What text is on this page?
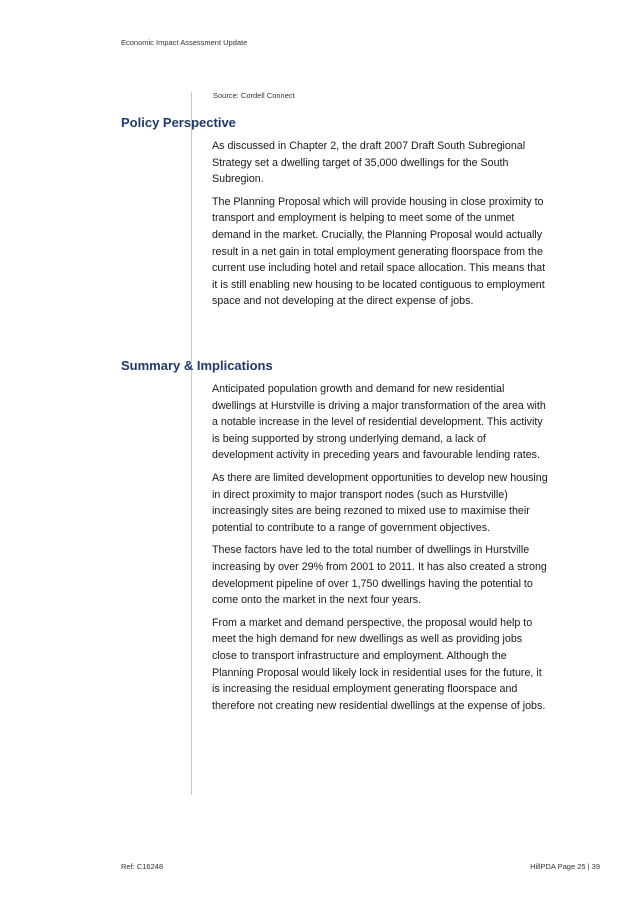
Economic Impact Assessment Update
Source: Cordell Connect
Policy Perspective

As discussed in Chapter 2, the draft 2007 Draft South Subregional Strategy set a dwelling target of 35,000 dwellings for the South Subregion.

The Planning Proposal which will provide housing in close proximity to transport and employment is helping to meet some of the unmet demand in the market. Crucially, the Planning Proposal would actually result in a net gain in total employment generating floorspace from the current use including hotel and retail space allocation. This means that it is still enabling new housing to be located contiguous to employment space and not developing at the direct expense of jobs.

Summary & Implications

Anticipated population growth and demand for new residential dwellings at Hurstville is driving a major transformation of the area with a notable increase in the level of residential development. This activity is being supported by strong underlying demand, a lack of development activity in preceding years and favourable lending rates.

As there are limited development opportunities to develop new housing in direct proximity to major transport nodes (such as Hurstville) increasingly sites are being rezoned to mixed use to maximise their potential to contribute to a range of government objectives.

These factors have led to the total number of dwellings in Hurstville increasing by over 29% from 2001 to 2011. It has also created a strong development pipeline of over 1,750 dwellings having the potential to come onto the market in the next four years.

From a market and demand perspective, the proposal would help to meet the high demand for new dwellings as well as providing jobs close to transport infrastructure and employment. Although the Planning Proposal would likely lock in residential uses for the future, it is increasing the residual employment generating floorspace and therefore not creating new residential dwellings at the expense of jobs.

Ref: C16248	HillPDA Page 25 | 39
